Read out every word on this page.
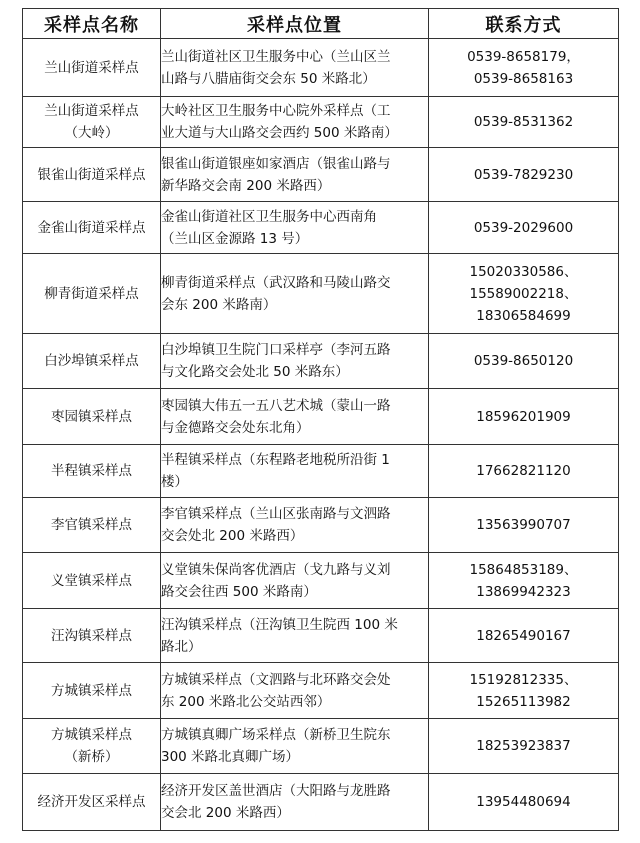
采样点名称	采样点位置	联系方式

兰山街道采样点	兰山街道社区卫生服务中心（兰山区兰
山路与八腊庙街交会东 50 米路北）	0539-8658179，
0539-8658163

兰山街道采样点
（大岭）	大岭社区卫生服务中心院外采样点（工
业大道与大山路交会西约 500 米路南）	0539-8531362

银雀山街道采样点	银雀山街道银座如家酒店（银雀山路与
新华路交会南 200 米路西）	0539-7829230

金雀山街道采样点	金雀山街道社区卫生服务中心西南角
（兰山区金源路 13 号）	0539-2029600

柳青街道采样点	柳青街道采样点（武汉路和马陵山路交
会东 200 米路南）	15020330586、
15589002218、
18306584699

白沙埠镇采样点	白沙埠镇卫生院门口采样亭（李河五路
与文化路交会处北 50 米路东）	0539-8650120

枣园镇采样点	枣园镇大伟五一五八艺术城（蒙山一路
与金德路交会处东北角）	18596201909

半程镇采样点	半程镇采样点（东程路老地税所沿街 1
楼）	17662821120

李官镇采样点	李官镇采样点（兰山区张南路与文泗路
交会处北 200 米路西）	13563990707

义堂镇采样点	义堂镇朱保尚客优酒店（戈九路与义刘
路交会往西 500 米路南）	15864853189、
13869942323

汪沟镇采样点	汪沟镇采样点（汪沟镇卫生院西 100 米
路北）	18265490167

方城镇采样点	方城镇采样点（文泗路与北环路交会处
东 200 米路北公交站西邻）	15192812335、
15265113982

方城镇采样点
（新桥）	方城镇真卿广场采样点（新桥卫生院东
300 米路北真卿广场）	18253923837

经济开发区采样点	经济开发区盖世酒店（大阳路与龙胜路
交会北 200 米路西）	13954480694
